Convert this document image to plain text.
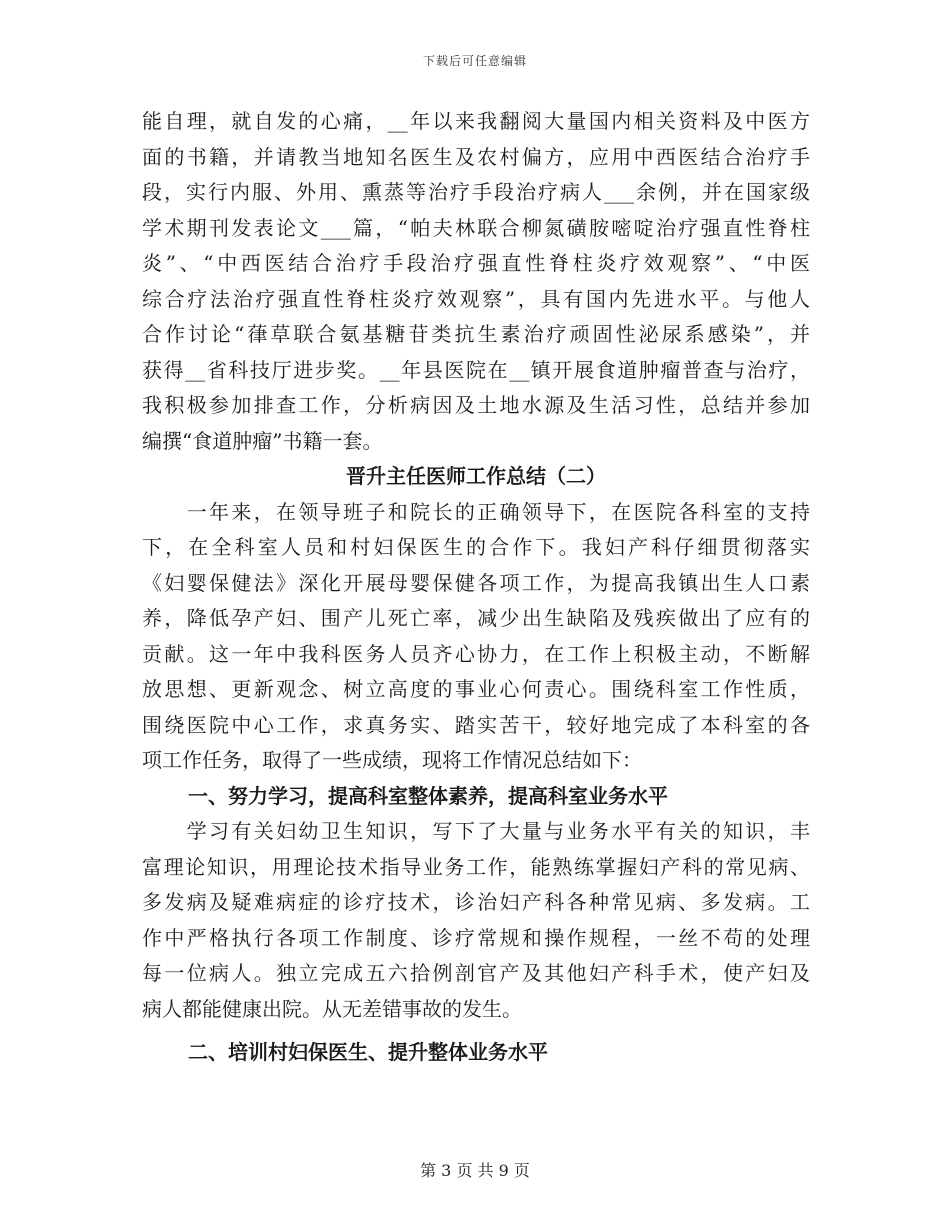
下载后可任意编辑
能自理，就自发的心痛，__年以来我翻阅大量国内相关资料及中医方
面的书籍，并请教当地知名医生及农村偏方，应用中西医结合治疗手
段，实行内服、外用、熏蒸等治疗手段治疗病人___余例，并在国家级
学术期刊发表论文___篇，“帕夫林联合柳氮磺胺嘧啶治疗强直性脊柱
炎”、“中西医结合治疗手段治疗强直性脊柱炎疗效观察”、“中医
综合疗法治疗强直性脊柱炎疗效观察”，具有国内先进水平。与他人
合作讨论“葎草联合氨基糖苷类抗生素治疗顽固性泌尿系感染”，并
获得__省科技厅进步奖。__年县医院在__镇开展食道肿瘤普查与治疗，
我积极参加排查工作，分析病因及土地水源及生活习性，总结并参加
编撰“食道肿瘤”书籍一套。
晋升主任医师工作总结（二）
　　一年来，在领导班子和院长的正确领导下，在医院各科室的支持
下，在全科室人员和村妇保医生的合作下。我妇产科仔细贯彻落实
《妇婴保健法》深化开展母婴保健各项工作，为提高我镇出生人口素
养，降低孕产妇、围产儿死亡率，减少出生缺陷及残疾做出了应有的
贡献。这一年中我科医务人员齐心协力，在工作上积极主动，不断解
放思想、更新观念、树立高度的事业心何责心。围绕科室工作性质，
围绕医院中心工作，求真务实、踏实苦干，较好地完成了本科室的各
项工作任务，取得了一些成绩，现将工作情况总结如下：
一、努力学习，提高科室整体素养，提高科室业务水平
　　学习有关妇幼卫生知识，写下了大量与业务水平有关的知识，丰
富理论知识，用理论技术指导业务工作，能熟练掌握妇产科的常见病、
多发病及疑难病症的诊疗技术，诊治妇产科各种常见病、多发病。工
作中严格执行各项工作制度、诊疗常规和操作规程，一丝不苟的处理
每一位病人。独立完成五六拾例剖官产及其他妇产科手术，使产妇及
病人都能健康出院。从无差错事故的发生。
二、培训村妇保医生、提升整体业务水平
第 3 页 共 9 页
